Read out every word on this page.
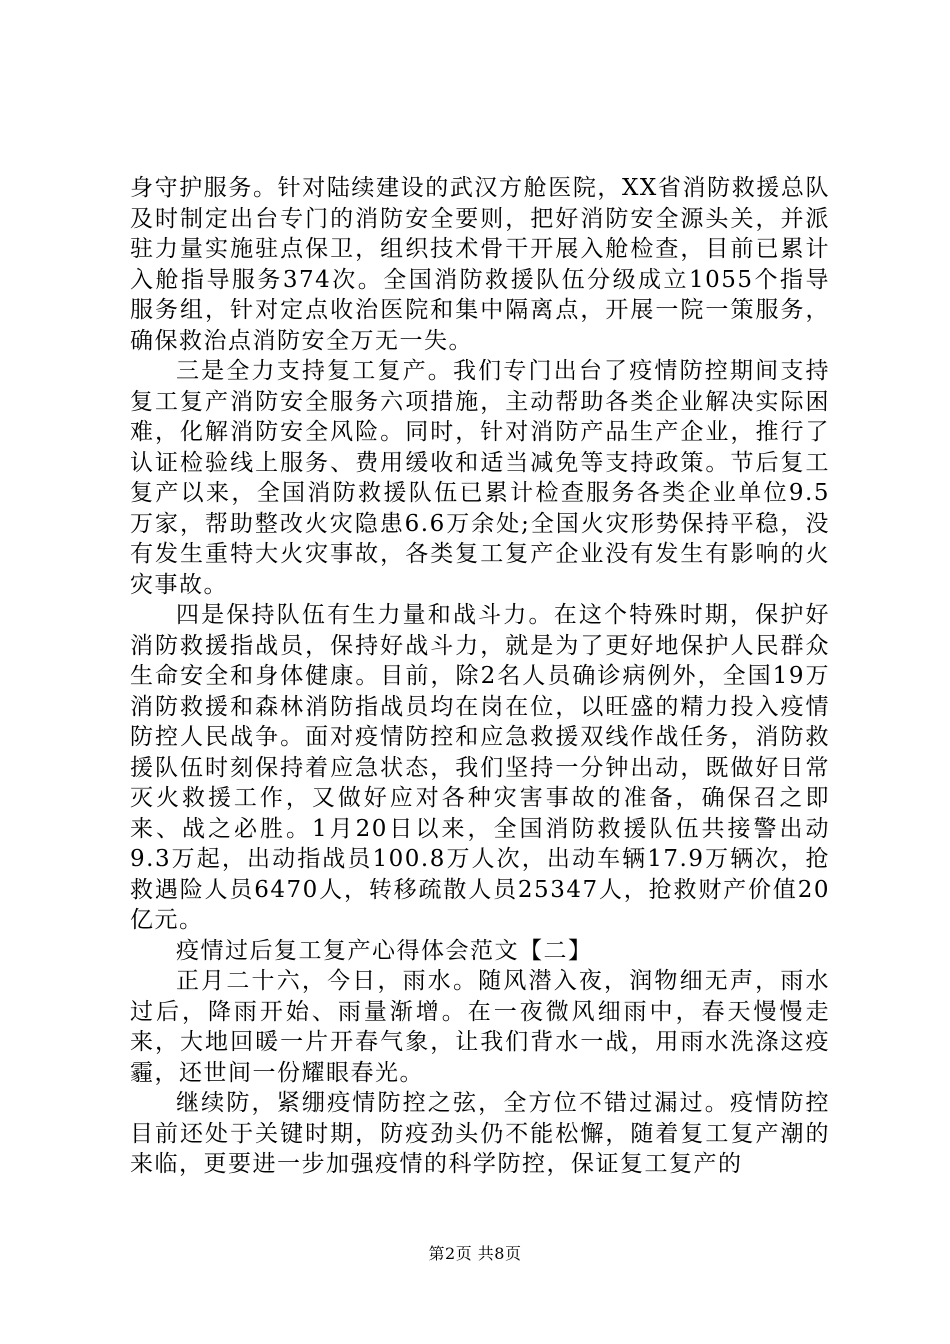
身守护服务。针对陆续建设的武汉方舱医院，XX省消防救援总队及时制定出台专门的消防安全要则，把好消防安全源头关，并派驻力量实施驻点保卫，组织技术骨干开展入舱检查，目前已累计入舱指导服务374次。全国消防救援队伍分级成立1055个指导服务组，针对定点收治医院和集中隔离点，开展一院一策服务，确保救治点消防安全万无一失。

三是全力支持复工复产。我们专门出台了疫情防控期间支持复工复产消防安全服务六项措施，主动帮助各类企业解决实际困难，化解消防安全风险。同时，针对消防产品生产企业，推行了认证检验线上服务、费用缓收和适当减免等支持政策。节后复工复产以来，全国消防救援队伍已累计检查服务各类企业单位9.5万家，帮助整改火灾隐患6.6万余处;全国火灾形势保持平稳，没有发生重特大火灾事故，各类复工复产企业没有发生有影响的火灾事故。

四是保持队伍有生力量和战斗力。在这个特殊时期，保护好消防救援指战员，保持好战斗力，就是为了更好地保护人民群众生命安全和身体健康。目前，除2名人员确诊病例外，全国19万消防救援和森林消防指战员均在岗在位，以旺盛的精力投入疫情防控人民战争。面对疫情防控和应急救援双线作战任务，消防救援队伍时刻保持着应急状态，我们坚持一分钟出动，既做好日常灭火救援工作，又做好应对各种灾害事故的准备，确保召之即来、战之必胜。1月20日以来，全国消防救援队伍共接警出动9.3万起，出动指战员100.8万人次，出动车辆17.9万辆次，抢救遇险人员6470人，转移疏散人员25347人，抢救财产价值20亿元。

疫情过后复工复产心得体会范文【二】

正月二十六，今日，雨水。随风潜入夜，润物细无声，雨水过后，降雨开始、雨量渐增。在一夜微风细雨中，春天慢慢走来，大地回暖一片开春气象，让我们背水一战，用雨水洗涤这疫霾，还世间一份耀眼春光。

继续防，紧绷疫情防控之弦，全方位不错过漏过。疫情防控目前还处于关键时期，防疫劲头仍不能松懈，随着复工复产潮的来临，更要进一步加强疫情的科学防控，保证复工复产的

第2页 共8页
